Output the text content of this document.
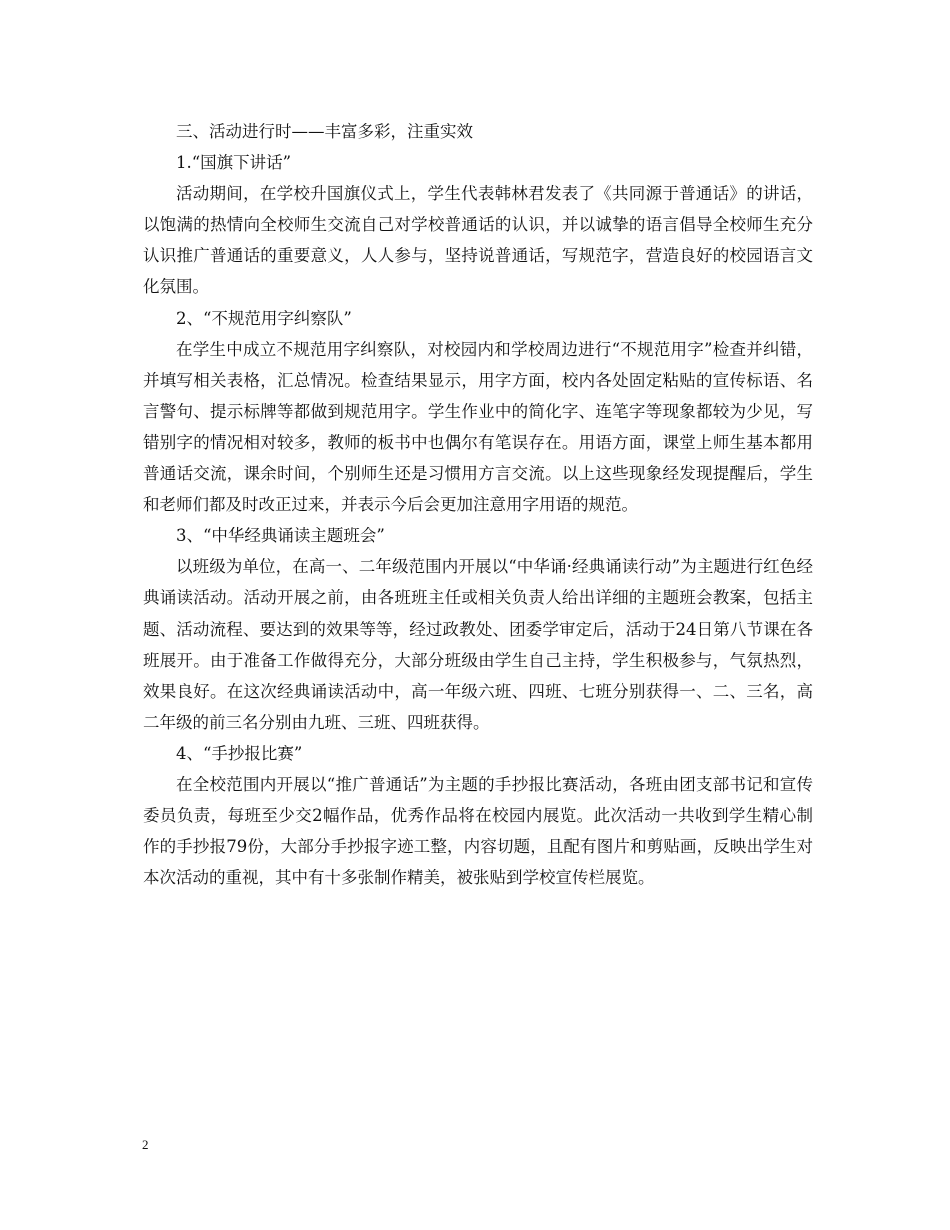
三、活动进行时——丰富多彩，注重实效

1.“国旗下讲话”

活动期间，在学校升国旗仪式上，学生代表韩林君发表了《共同源于普通话》的讲话，以饱满的热情向全校师生交流自己对学校普通话的认识，并以诚挚的语言倡导全校师生充分认识推广普通话的重要意义，人人参与，坚持说普通话，写规范字，营造良好的校园语言文化氛围。

2、“不规范用字纠察队”

在学生中成立不规范用字纠察队，对校园内和学校周边进行“不规范用字”检查并纠错，并填写相关表格，汇总情况。检查结果显示，用字方面，校内各处固定粘贴的宣传标语、名言警句、提示标牌等都做到规范用字。学生作业中的简化字、连笔字等现象都较为少见，写错别字的情况相对较多，教师的板书中也偶尔有笔误存在。用语方面，课堂上师生基本都用普通话交流，课余时间，个别师生还是习惯用方言交流。以上这些现象经发现提醒后，学生和老师们都及时改正过来，并表示今后会更加注意用字用语的规范。

3、“中华经典诵读主题班会”

以班级为单位，在高一、二年级范围内开展以“中华诵·经典诵读行动”为主题进行红色经典诵读活动。活动开展之前，由各班班主任或相关负责人给出详细的主题班会教案，包括主题、活动流程、要达到的效果等等，经过政教处、团委学审定后，活动于24日第八节课在各班展开。由于准备工作做得充分，大部分班级由学生自己主持，学生积极参与，气氛热烈，效果良好。在这次经典诵读活动中，高一年级六班、四班、七班分别获得一、二、三名，高二年级的前三名分别由九班、三班、四班获得。

4、“手抄报比赛”

在全校范围内开展以“推广普通话”为主题的手抄报比赛活动，各班由团支部书记和宣传委员负责，每班至少交2幅作品，优秀作品将在校园内展览。此次活动一共收到学生精心制作的手抄报79份，大部分手抄报字迹工整，内容切题，且配有图片和剪贴画，反映出学生对本次活动的重视，其中有十多张制作精美，被张贴到学校宣传栏展览。

2
